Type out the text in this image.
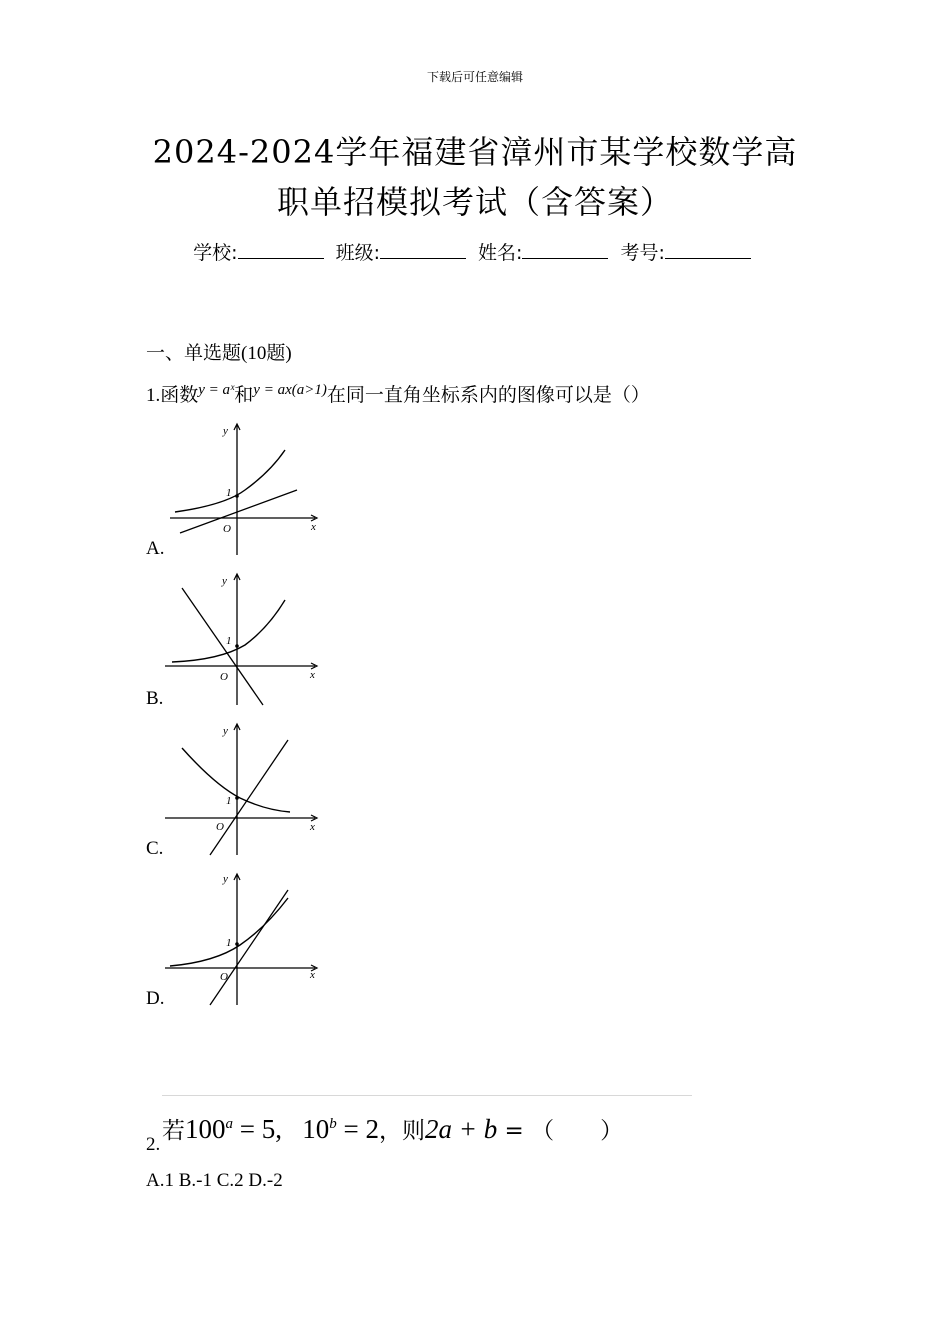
下载后可任意编辑
2024-2024学年福建省漳州市某学校数学高
职单招模拟考试（含答案）
学校:	班级:	姓名:	考号:
一、单选题(10题)
1.函数$^{y = aˣ}$和$^{y = ax(a>1)}$在同一直角坐标系内的图像可以是（）
y
x
O
1
A.
y
x
O
1
B.
y
x
O
1
C.
y
x
O
1
D.
2.
若$100^a = 5$,   $10^b = 2$，则2a + b = （　　）
A.1 B.-1 C.2 D.-2
